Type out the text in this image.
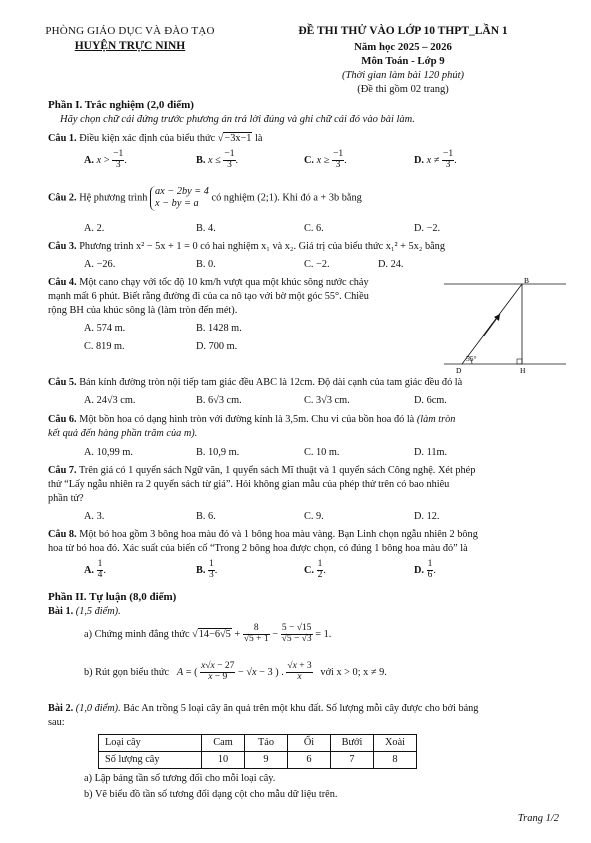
PHÒNG GIÁO DỤC VÀ ĐÀO TẠO
HUYỆN TRỰC NINH
ĐỀ THI THỬ VÀO LỚP 10 THPT_LẦN 1
Năm học 2025 – 2026
Môn Toán - Lớp 9
(Thời gian làm bài 120 phút)
(Đề thi gồm 02 trang)
Phần I. Trắc nghiệm (2,0 điểm)
Hãy chọn chữ cái đứng trước phương án trả lời đúng và ghi chữ cái đó vào bài làm.
Câu 1. Điều kiện xác định của biểu thức √−3x−1 là
A. $x > \frac{-1}{3}$ .	B. $x \le \frac{-1}{3}$ .	C. $x \ge \frac{-1}{3}$ .	D. $x \ne \frac{-1}{3}$ .
Câu 2. Hệ phương trình
ax − 2by = 4
x − by = a
có nghiệm (2;1). Khi đó a + 3b bằng
A. 2.	B. 4.	C. 6.	D. −2.
Câu 3. Phương trình x² − 5x + 1 = 0 có hai nghiệm x₁ và x₂. Giá trị của biểu thức x₁² + 5x₂ bằng
A. −26.	B. 0.	C. −2.	D. 24.
Câu 4. Một cano chạy với tốc độ 10 km/h vượt qua một khúc sông nước chảy
mạnh mất 6 phút. Biết rằng đường đi của ca nô tạo với bờ một góc 55°. Chiều
rộng BH của khúc sông là (làm tròn đến mét).
A. 574 m.	B. 1428 m.
C. 819 m.	D. 700 m.
B
D	H
55°
Câu 5. Bán kính đường tròn nội tiếp tam giác đều ABC là 12cm. Độ dài cạnh của tam giác đều đó là
A. 24√3 cm.	B. 6√3 cm.	C. 3√3 cm.	D. 6cm.
Câu 6. Một bồn hoa có dạng hình tròn với đường kính là 3,5m. Chu vi của bồn hoa đó là (làm tròn
kết quả đến hàng phần trăm của m).
A. 10,99 m.	B. 10,9 m.	C. 10 m.	D. 11m.
Câu 7. Trên giá có 1 quyển sách Ngữ văn, 1 quyển sách Mĩ thuật và 1 quyển sách Công nghệ. Xét phép
thử “Lấy ngẫu nhiên ra 2 quyển sách từ giá”. Hỏi không gian mẫu của phép thử trên có bao nhiêu
phần tử?
A. 3.	B. 6.	C. 9.	D. 12.
Câu 8. Một bó hoa gồm 3 bông hoa màu đỏ và 1 bông hoa màu vàng. Bạn Linh chọn ngẫu nhiên 2 bông
hoa từ bó hoa đó. Xác suất của biến cố “Trong 2 bông hoa được chọn, có đúng 1 bông hoa màu đỏ” là
A. $\frac{1}{4}$ .	B. $\frac{1}{3}$ .	C. $\frac{1}{2}$ .	D. $\frac{1}{6}$ .
Phần II. Tự luận (8,0 điểm)
Bài 1. (1,5 điểm).
a) Chứng minh đẳng thức $√14-6√5 + \frac{8}{√5 + 1} - \frac{5 - √15}{√5 - √3} = 1$.
b) Rút gọn biểu thức A = ( $\frac{x√x - 27}{x - 9} - √x - 3$ ) . $\frac{√x + 3}{x}$ với x > 0; x ≠ 9.
Bài 2. (1,0 điểm). Bác An trồng 5 loại cây ăn quả trên một khu đất. Số lượng mỗi cây được cho bởi bảng
sau:
Loại cây	Cam	Táo	Ổi	Bưởi	Xoài
Số lượng cây	10	9	6	7	8
a) Lập bảng tần số tương đối cho mỗi loại cây.
b) Vẽ biểu đồ tần số tương đối dạng cột cho mẫu dữ liệu trên.
Trang 1/2
